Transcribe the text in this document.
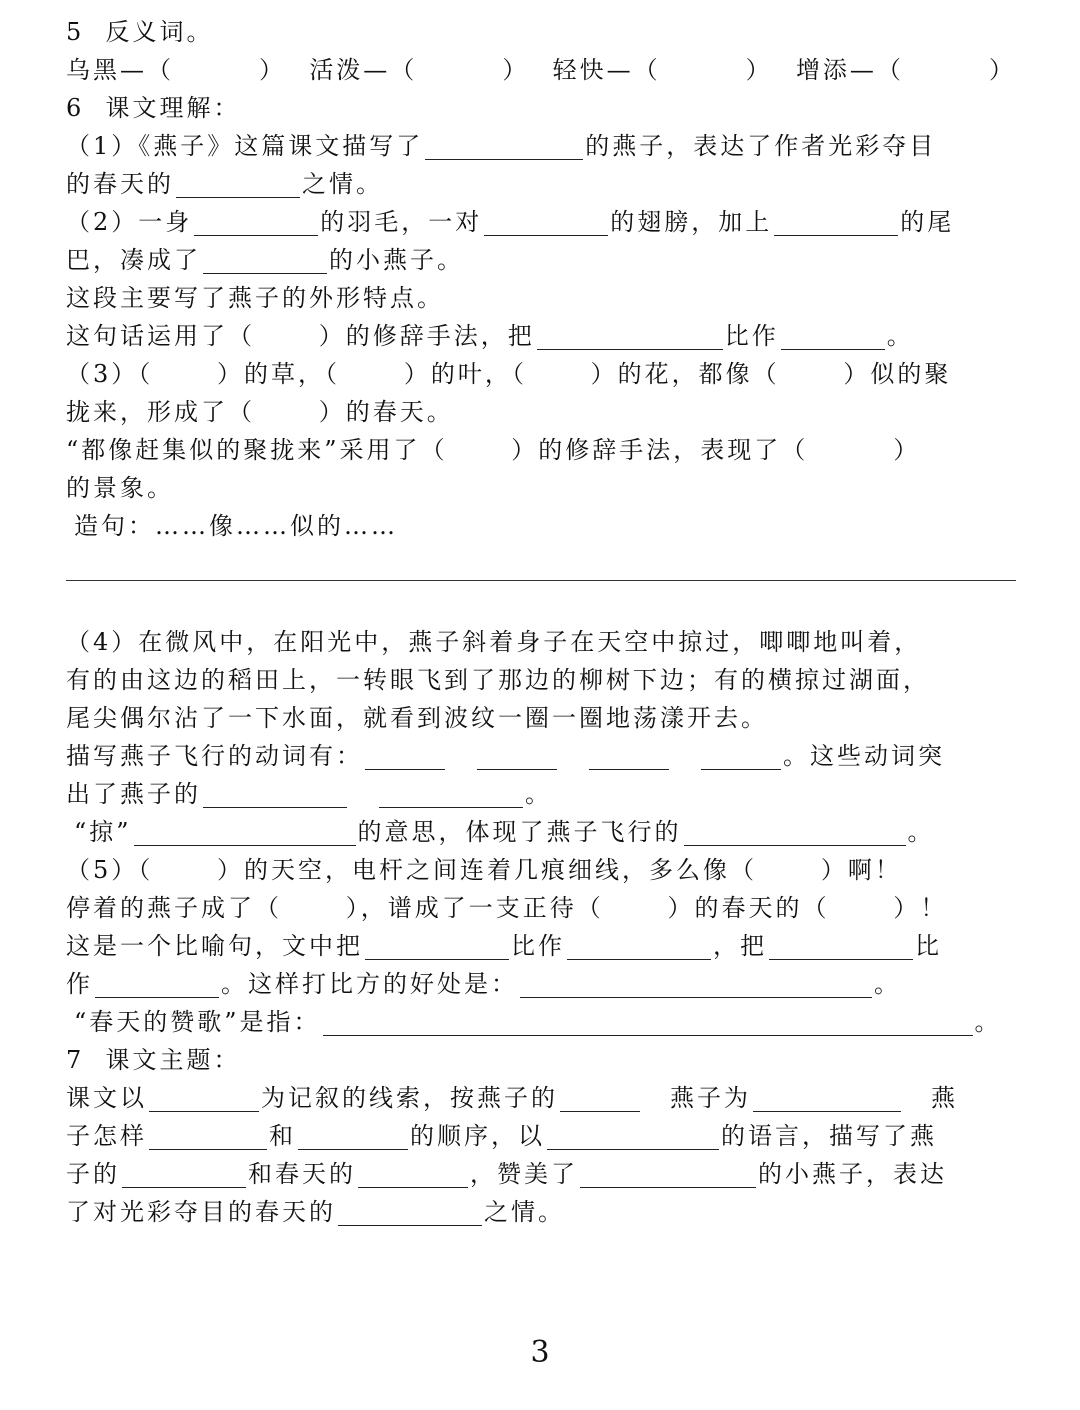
5  反义词。
乌黑—（        ） 活泼—（        ） 轻快—（        ） 增添—（        ）
6  课文理解：
（1）《燕子》这篇课文描写了	的燕子，表达了作者光彩夺目
的春天的	之情。
（2）一身	的羽毛，一对	的翅膀，加上	的尾
巴，凑成了	的小燕子。
这段主要写了燕子的外形特点。
这句话运用了（      ）的修辞手法，把	比作	。
（3）（      ）的草，（      ）的叶，（      ）的花，都像（      ）似的聚
拢来，形成了（      ）的春天。
“都像赶集似的聚拢来”采用了（      ）的修辞手法，表现了（        ）
的景象。
造句：……像……似的……
（4）在微风中，在阳光中，燕子斜着身子在天空中掠过，唧唧地叫着，
有的由这边的稻田上，一转眼飞到了那边的柳树下边；有的横掠过湖面，
尾尖偶尔沾了一下水面，就看到波纹一圈一圈地荡漾开去。
描写燕子飞行的动词有：	。这些动词突
出了燕子的	。
“掠”	的意思，体现了燕子飞行的	。
（5）（      ）的天空，电杆之间连着几痕细线，多么像（      ）啊！
停着的燕子成了（      ），谱成了一支正待（      ）的春天的（      ）！
这是一个比喻句，文中把	比作	，把	比
作	。这样打比方的好处是：	。
“春天的赞歌”是指：	。
7  课文主题：
课文以	为记叙的线索，按燕子的	燕子为	燕
子怎样	和	的顺序，以	的语言，描写了燕
子的	和春天的	，赞美了	的小燕子，表达
了对光彩夺目的春天的	之情。
3
